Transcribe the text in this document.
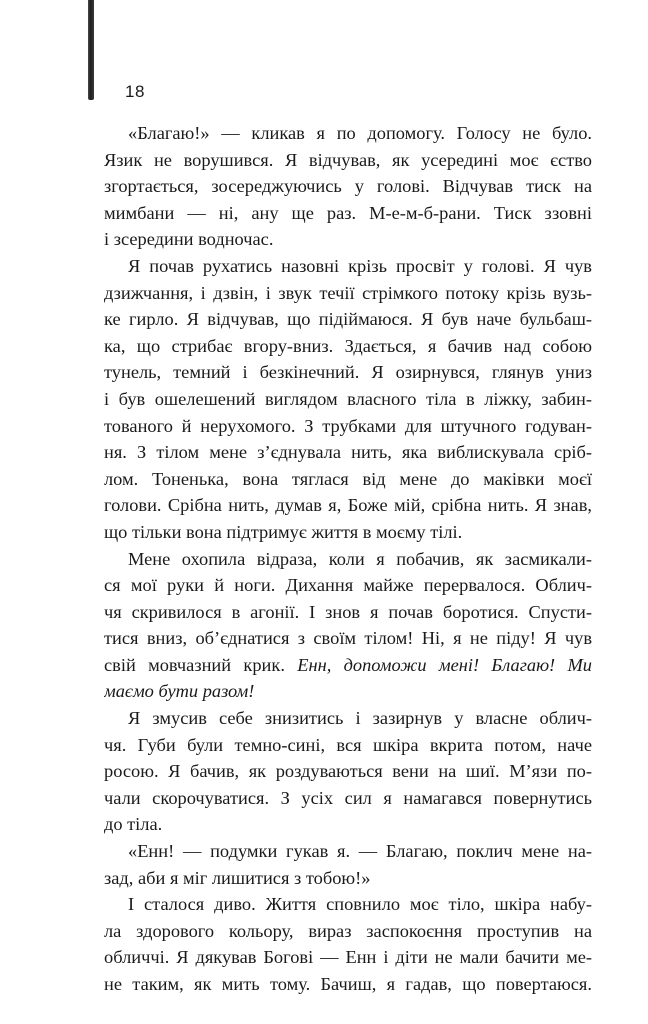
18
«Благаю!» — кликав я по допомогу. Голосу не було.
Язик не ворушився. Я відчував, як усередині моє єство
згортається, зосереджуючись у голові. Відчував тиск на
мимбани — ні, ану ще раз. М-е-м-б-рани. Тиск ззовні
і зсередини водночас.
Я почав рухатись назовні крізь просвіт у голові. Я чув
дзижчання, і дзвін, і звук течії стрімкого потоку крізь вузь-
ке гирло. Я відчував, що підіймаюся. Я був наче бульбаш-
ка, що стрибає вгору-вниз. Здається, я бачив над собою
тунель, темний і безкінечний. Я озирнувся, глянув униз
і був ошелешений виглядом власного тіла в ліжку, забин-
тованого й нерухомого. З трубками для штучного годуван-
ня. З тілом мене з’єднувала нить, яка виблискувала сріб-
лом. Тоненька, вона тяглася від мене до маківки моєї
голови. Срібна нить, думав я, Боже мій, срібна нить. Я знав,
що тільки вона підтримує життя в моєму тілі.
Мене охопила відраза, коли я побачив, як засмикали-
ся мої руки й ноги. Дихання майже перервалося. Облич-
чя скривилося в агонії. І знов я почав боротися. Спусти-
тися вниз, об’єднатися з своїм тілом! Ні, я не піду! Я чув
свій мовчазний крик. Енн, допоможи мені! Благаю! Ми
маємо бути разом!
Я змусив себе знизитись і зазирнув у власне облич-
чя. Губи були темно-сині, вся шкіра вкрита потом, наче
росою. Я бачив, як роздуваються вени на шиї. М’язи по-
чали скорочуватися. З усіх сил я намагався повернутись
до тіла.
«Енн! — подумки гукав я. — Благаю, поклич мене на-
зад, аби я міг лишитися з тобою!»
І сталося диво. Життя сповнило моє тіло, шкіра набу-
ла здорового кольору, вираз заспокоєння проступив на
обличчі. Я дякував Богові — Енн і діти не мали бачити ме-
не таким, як мить тому. Бачиш, я гадав, що повертаюся.
